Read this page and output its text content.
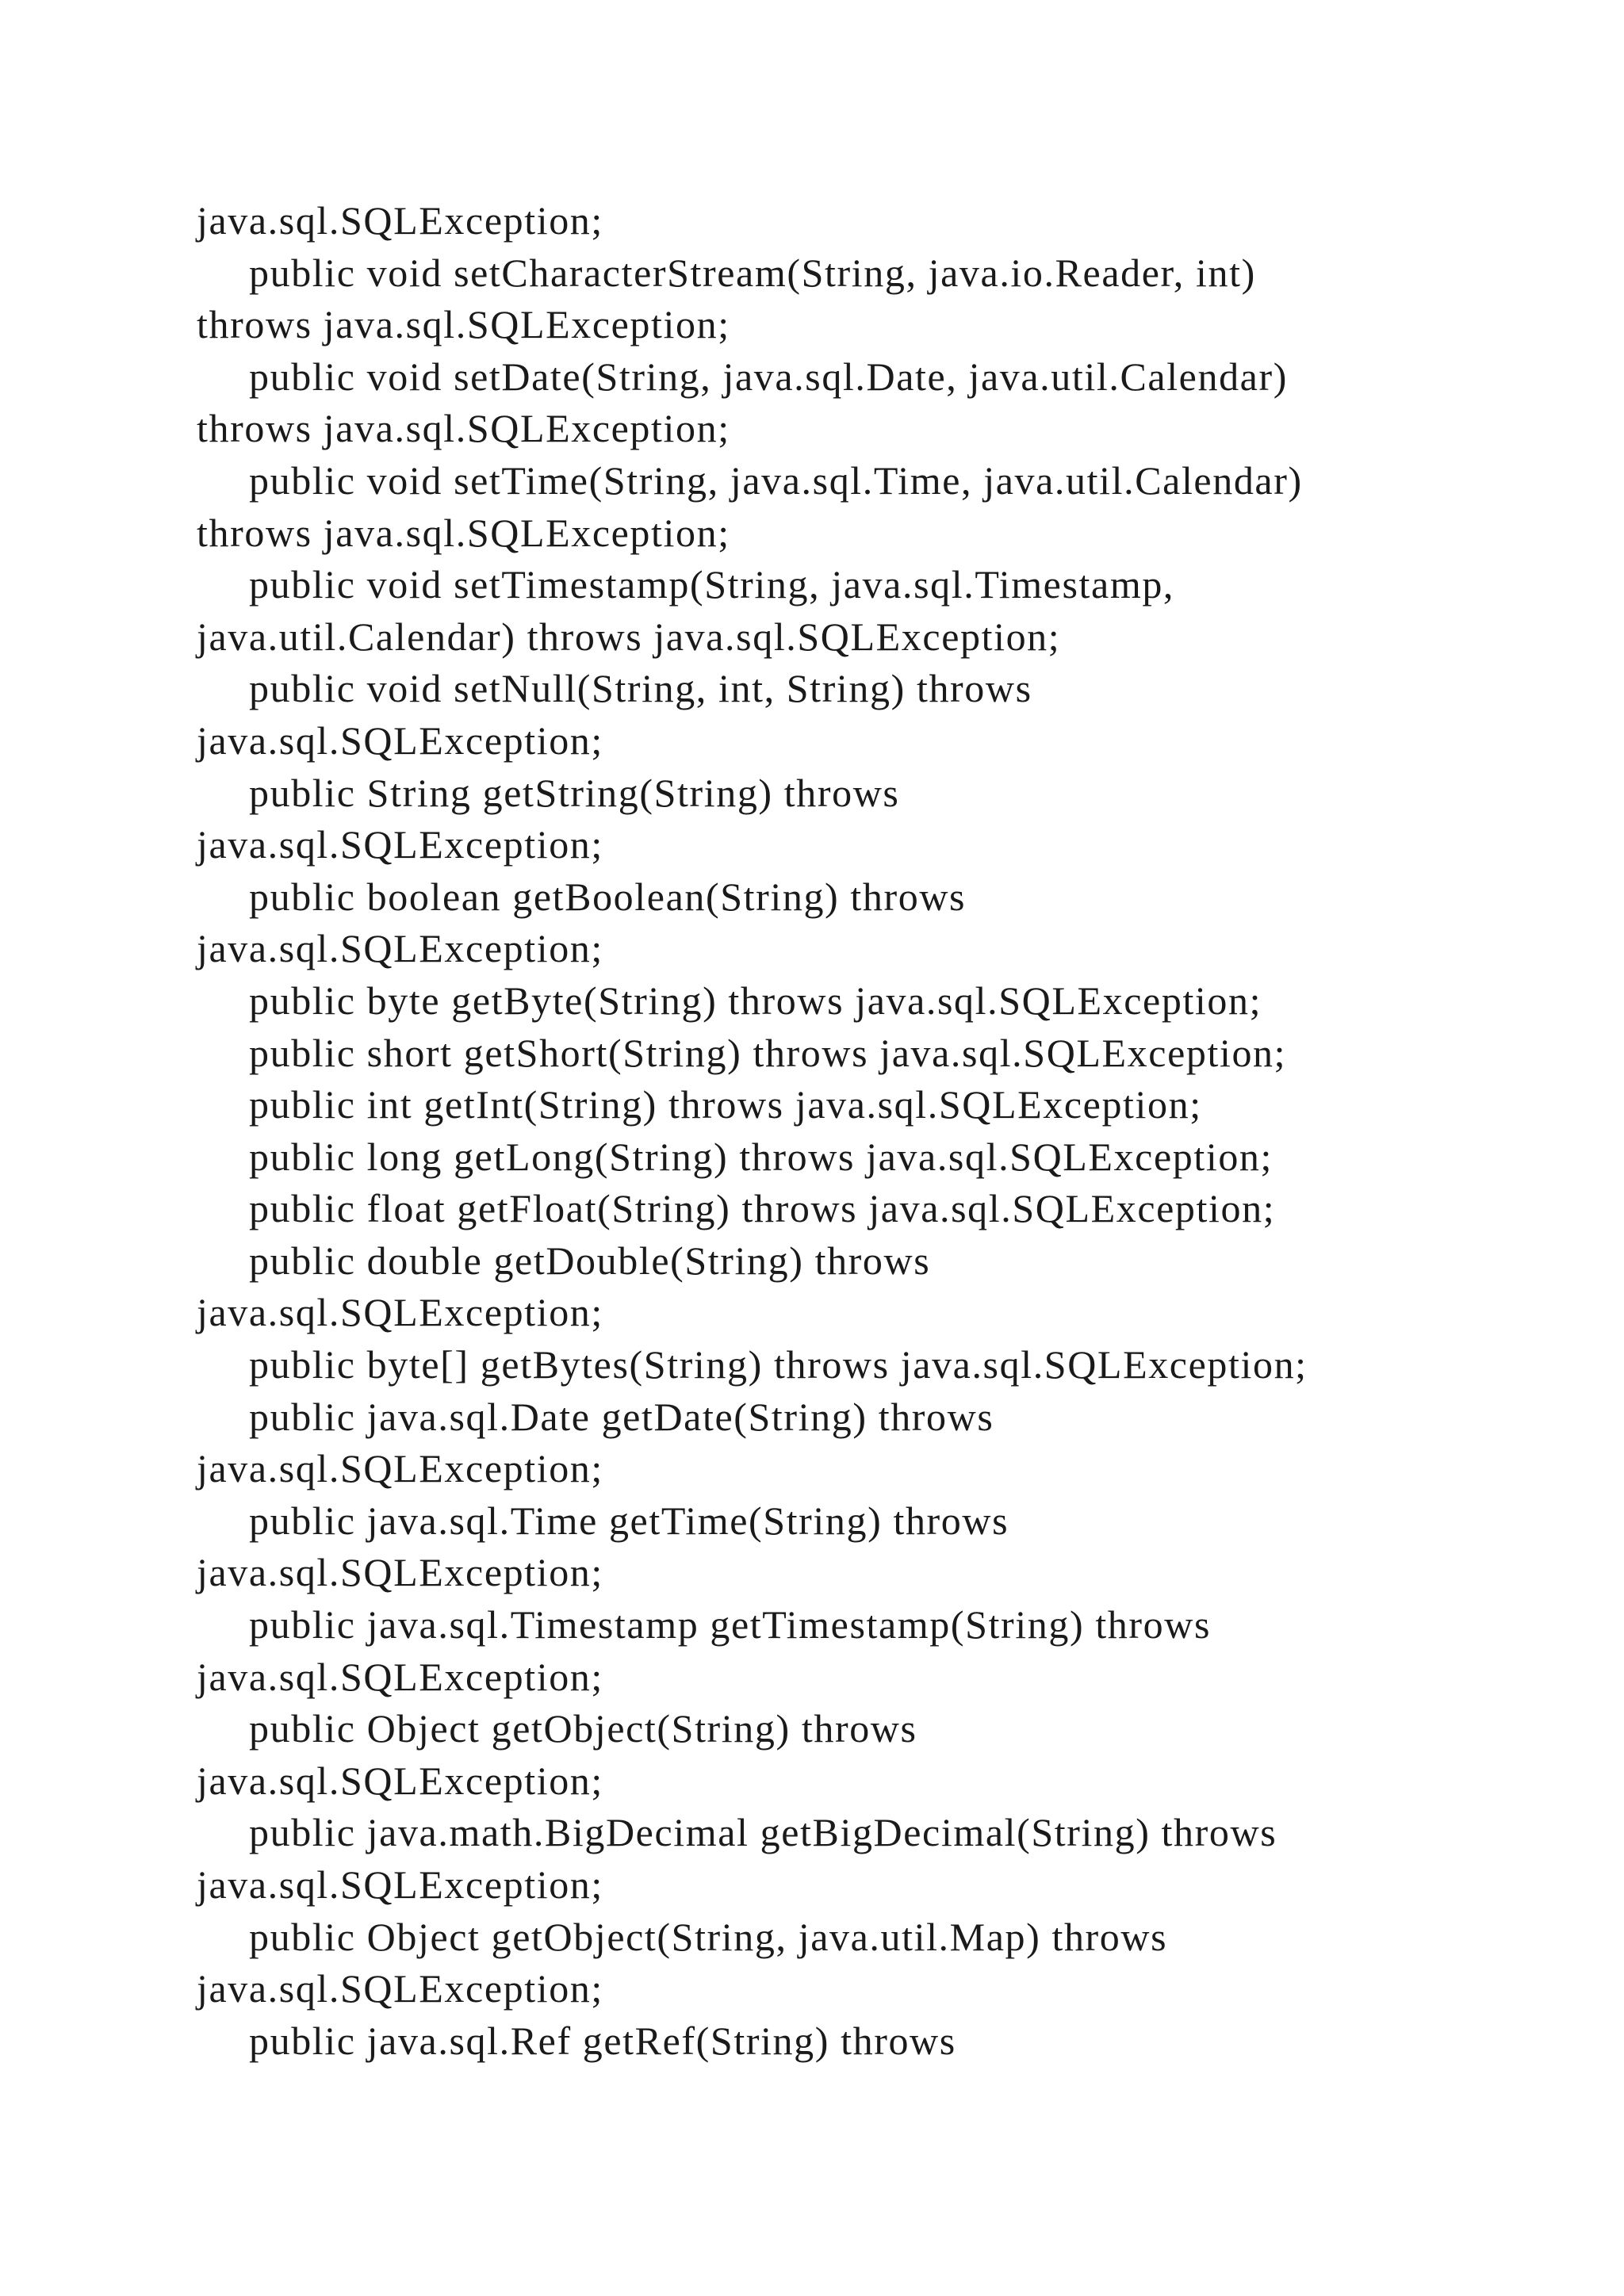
java.sql.SQLException;
public void setCharacterStream(String, java.io.Reader, int)
throws java.sql.SQLException;
public void setDate(String, java.sql.Date, java.util.Calendar)
throws java.sql.SQLException;
public void setTime(String, java.sql.Time, java.util.Calendar)
throws java.sql.SQLException;
public void setTimestamp(String, java.sql.Timestamp,
java.util.Calendar) throws java.sql.SQLException;
public void setNull(String, int, String) throws
java.sql.SQLException;
public String getString(String) throws
java.sql.SQLException;
public boolean getBoolean(String) throws
java.sql.SQLException;
public byte getByte(String) throws java.sql.SQLException;
public short getShort(String) throws java.sql.SQLException;
public int getInt(String) throws java.sql.SQLException;
public long getLong(String) throws java.sql.SQLException;
public float getFloat(String) throws java.sql.SQLException;
public double getDouble(String) throws
java.sql.SQLException;
public byte[] getBytes(String) throws java.sql.SQLException;
public java.sql.Date getDate(String) throws
java.sql.SQLException;
public java.sql.Time getTime(String) throws
java.sql.SQLException;
public java.sql.Timestamp getTimestamp(String) throws
java.sql.SQLException;
public Object getObject(String) throws
java.sql.SQLException;
public java.math.BigDecimal getBigDecimal(String) throws
java.sql.SQLException;
public Object getObject(String, java.util.Map) throws
java.sql.SQLException;
public java.sql.Ref getRef(String) throws
